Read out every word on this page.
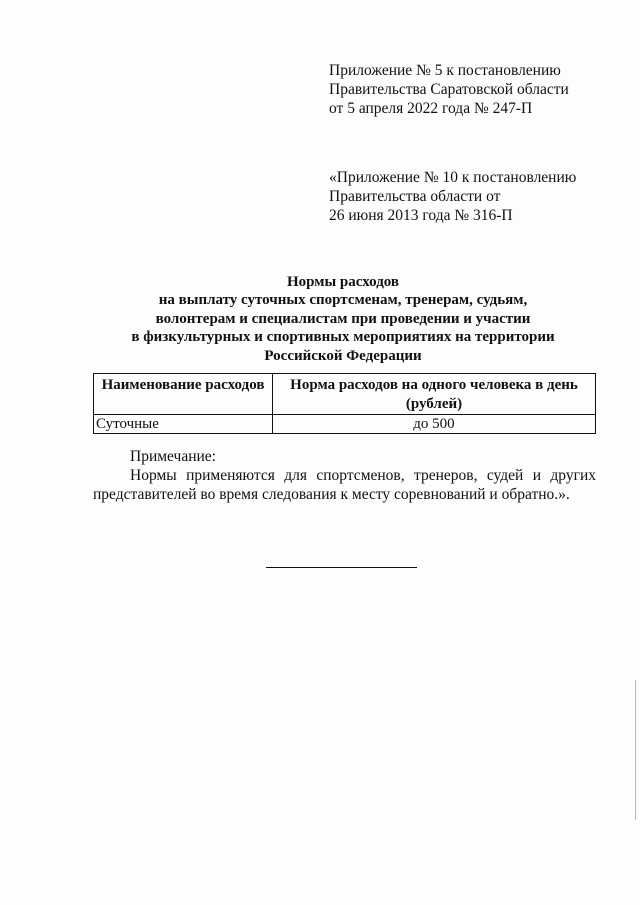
Приложение № 5 к постановлению
Правительства Саратовской области
от 5 апреля 2022 года № 247-П
«Приложение № 10 к постановлению
Правительства области от
26 июня 2013 года № 316-П
Нормы расходов
на выплату суточных спортсменам, тренерам, судьям,
волонтерам и специалистам при проведении и участии
в физкультурных и спортивных мероприятиях на территории
Российской Федерации
Наименование расходов	Норма расходов на одного человека в день (рублей)
Суточные	до 500
Примечание:
Нормы применяются для спортсменов, тренеров, судей и других представителей во время следования к месту соревнований и обратно.».
